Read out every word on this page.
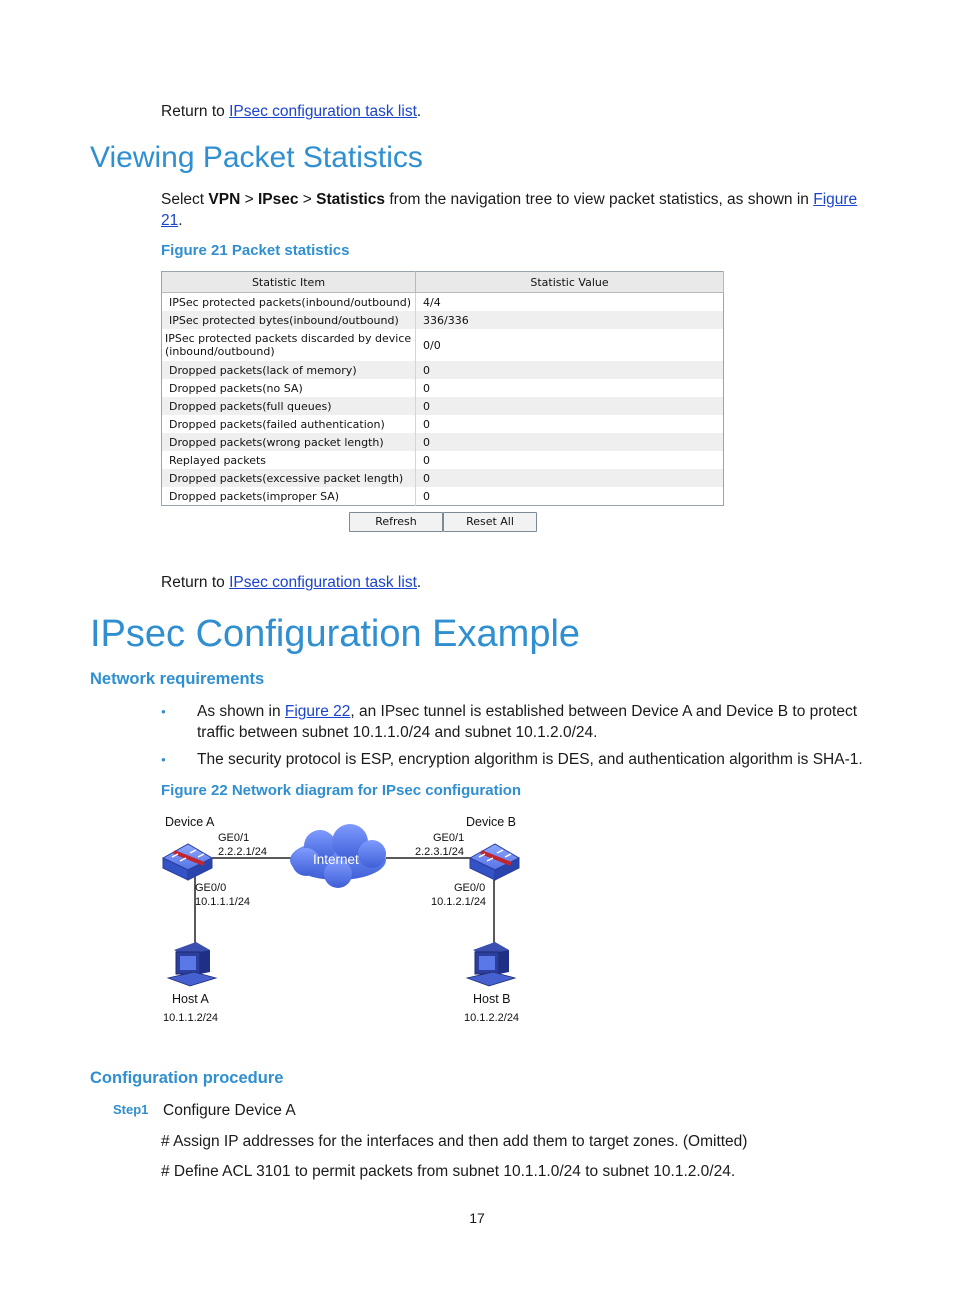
Return to IPsec configuration task list.
Viewing Packet Statistics
Select VPN > IPsec > Statistics from the navigation tree to view packet statistics, as shown in Figure
21.
Figure 21 Packet statistics
Statistic Item	Statistic Value
IPSec protected packets(inbound/outbound)	4/4
IPSec protected bytes(inbound/outbound)	336/336
IPSec protected packets discarded by device (inbound/outbound)	0/0
Dropped packets(lack of memory)	0
Dropped packets(no SA)	0
Dropped packets(full queues)	0
Dropped packets(failed authentication)	0
Dropped packets(wrong packet length)	0
Replayed packets	0
Dropped packets(excessive packet length)	0
Dropped packets(improper SA)	0
Refresh	Reset All
Return to IPsec configuration task list.
IPsec Configuration Example
Network requirements
● As shown in Figure 22, an IPsec tunnel is established between Device A and Device B to protect traffic between subnet 10.1.1.0/24 and subnet 10.1.2.0/24.
● The security protocol is ESP, encryption algorithm is DES, and authentication algorithm is SHA-1.
Figure 22 Network diagram for IPsec configuration
Device A	Device B
GE0/1
2.2.2.1/24
GE0/1
2.2.3.1/24
Internet
GE0/0
10.1.1.1/24
GE0/0
10.1.2.1/24
Host A
10.1.1.2/24
Host B
10.1.2.2/24
Configuration procedure
Step1 Configure Device A
# Assign IP addresses for the interfaces and then add them to target zones. (Omitted)
# Define ACL 3101 to permit packets from subnet 10.1.1.0/24 to subnet 10.1.2.0/24.
17
